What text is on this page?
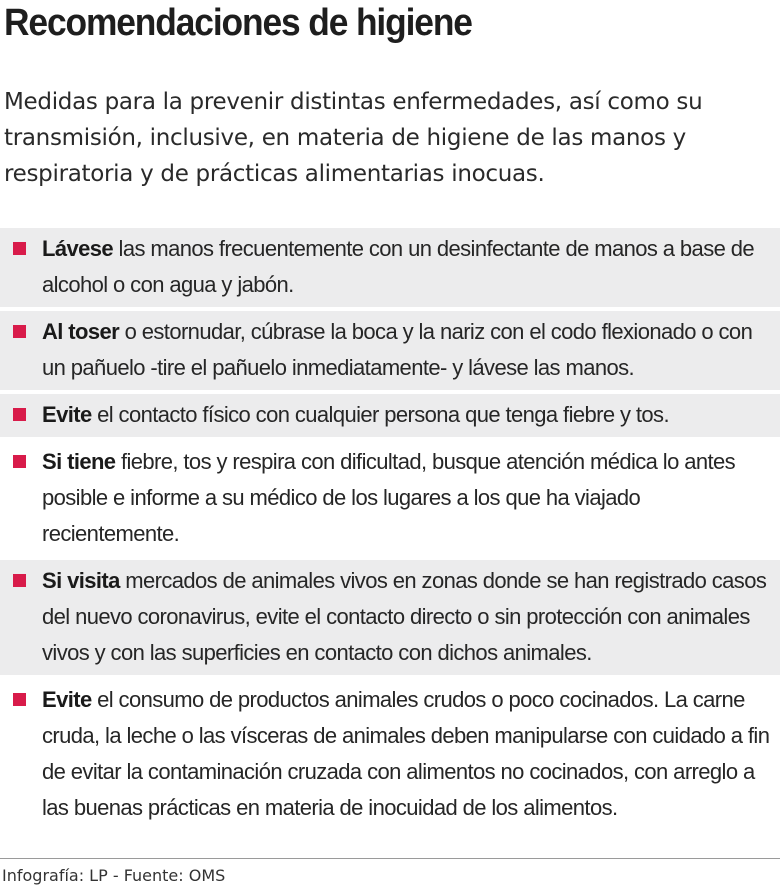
Recomendaciones de higiene

Medidas para la prevenir distintas enfermedades, así como su transmisión, inclusive, en materia de higiene de las manos y respiratoria y de prácticas alimentarias inocuas.

Lávese las manos frecuentemente con un desinfectante de manos a base de alcohol o con agua y jabón.
Al toser o estornudar, cúbrase la boca y la nariz con el codo flexionado o con un pañuelo -tire el pañuelo inmediatamente- y lávese las manos.
Evite el contacto físico con cualquier persona que tenga fiebre y tos.
Si tiene fiebre, tos y respira con dificultad, busque atención médica lo antes posible e informe a su médico de los lugares a los que ha viajado recientemente.
Si visita mercados de animales vivos en zonas donde se han registrado casos del nuevo coronavirus, evite el contacto directo o sin protección con animales vivos y con las superficies en contacto con dichos animales.
Evite el consumo de productos animales crudos o poco cocinados. La carne cruda, la leche o las vísceras de animales deben manipularse con cuidado a fin de evitar la contaminación cruzada con alimentos no cocinados, con arreglo a las buenas prácticas en materia de inocuidad de los alimentos.

Infografía: LP - Fuente: OMS
